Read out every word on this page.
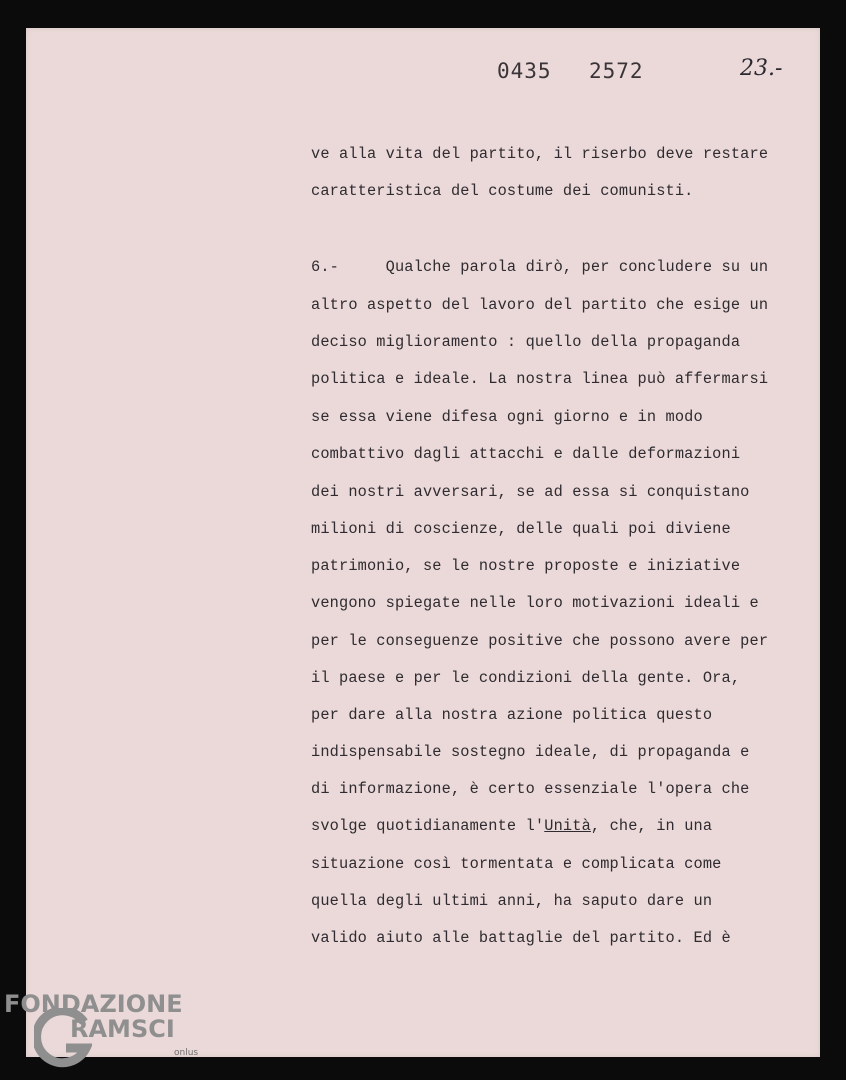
0435 2572	23.-
ve alla vita del partito, il riserbo deve restare
caratteristica del costume dei comunisti.
6.-     Qualche parola dirò, per concludere su un
altro aspetto del lavoro del partito che esige un
deciso miglioramento : quello della propaganda
politica e ideale. La nostra linea può affermarsi
se essa viene difesa ogni giorno e in modo
combattivo dagli attacchi e dalle deformazioni
dei nostri avversari, se ad essa si conquistano
milioni di coscienze, delle quali poi diviene
patrimonio, se le nostre proposte e iniziative
vengono spiegate nelle loro motivazioni ideali e
per le conseguenze positive che possono avere per
il paese e per le condizioni della gente. Ora,
per dare alla nostra azione politica questo
indispensabile sostegno ideale, di propaganda e
di informazione, è certo essenziale l'opera che
svolge quotidianamente l'Unità, che, in una
situazione così tormentata e complicata come
quella degli ultimi anni, ha saputo dare un
valido aiuto alle battaglie del partito. Ed è
FONDAZIONE
RAMSCI
onlus
